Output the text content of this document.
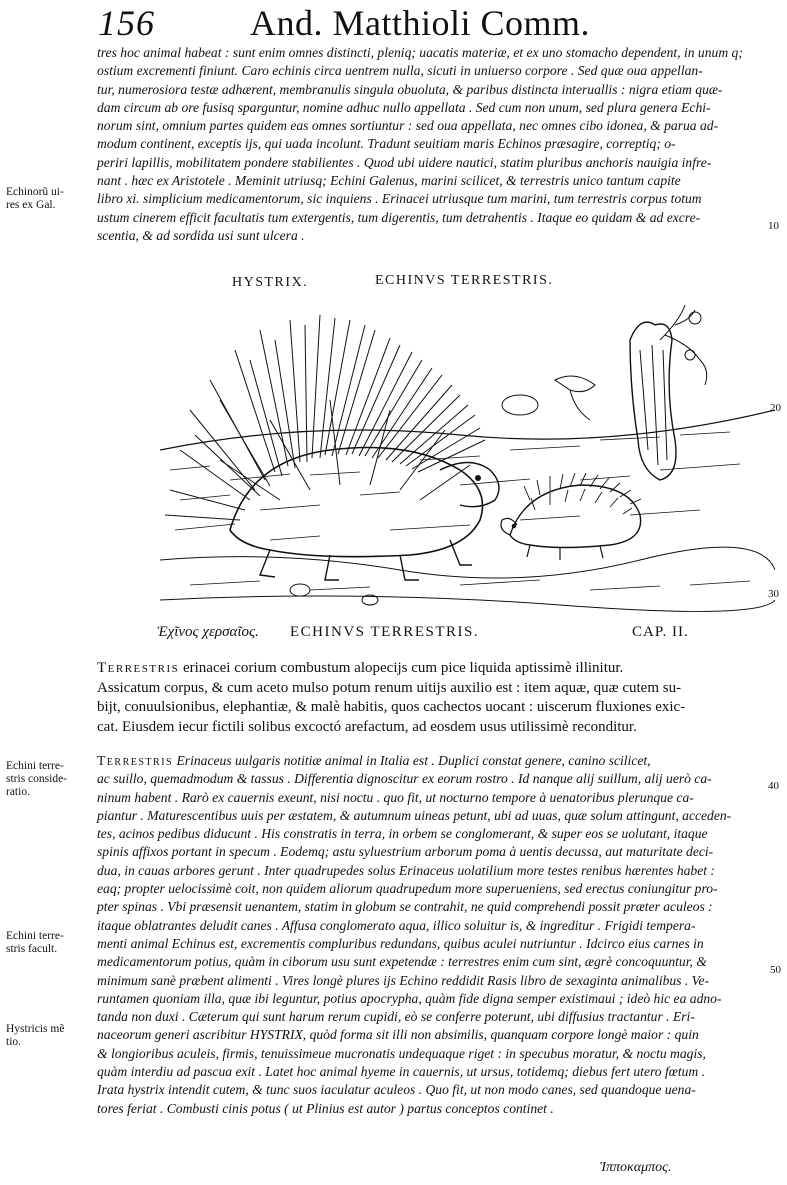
156	And. Matthioli Comm.

tres hoc animal habeat : sunt enim omnes distincti, pleniq; uacatis materiæ, et ex uno stomacho dependent, in unum q;

ostium excrementi finiunt. Caro echinis circa uentrem nulla, sicuti in uniuerso corpore . Sed quæ oua appellan-

tur, numerosiora testæ adhærent, membranulis singula obuoluta, & paribus distincta interuallis : nigra etiam quæ-

dam circum ab ore fusisq sparguntur, nomine adhuc nullo appellata . Sed cum non unum, sed plura genera Echi-

norum sint, omnium partes quidem eas omnes sortiuntur : sed oua appellata, nec omnes cibo idonea, & parua ad-

modum continent, exceptis ijs, qui uada incolunt. Tradunt seuitiam maris Echinos præsagire, correptiq; o-

periri lapillis, mobilitatem pondere stabilientes . Quod ubi uidere nautici, statim pluribus anchoris nauigia infre-

nant . hæc ex Aristotele . Meminit utriusq; Echini Galenus, marini scilicet, & terrestris unico tantum capite

libro xi. simplicium medicamentorum, sic inquiens . Erinacei utriusque tum marini, tum terrestris corpus totum

ustum cinerem efficit facultatis tum extergentis, tum digerentis, tum detrahentis . Itaque eo quidam & ad excre-

scentia, & ad sordida usi sunt ulcera .

Echinorũ ui-
res ex Gal.
Echini terre-
stris conside-
ratio.
Echini terre-
stris facult.
Hystricis mẽ
tio.
10
20
30
40
50
HYSTRIX.	ECHINVS TERRESTRIS.
Ἐχῖνος χερσαῖος. ECHINVS TERRESTRIS.	CAP. II.

Terrestris erinacei corium combustum alopecijs cum pice liquida aptissimè illinitur.

Assicatum corpus, & cum aceto mulso potum renum uitijs auxilio est : item aquæ, quæ cutem su-

bijt, conuulsionibus, elephantiæ, & malè habitis, quos cachectos uocant : uiscerum fluxiones exic-

cat. Eiusdem iecur fictili solibus excoctó arefactum, ad eosdem usus utilissimè reconditur.

Terrestris Erinaceus uulgaris notitiæ animal in Italia est . Duplici constat genere, canino scilicet,

ac suillo, quemadmodum & tassus . Differentia dignoscitur ex eorum rostro . Id nanque alij suillum, alij uerò ca-

ninum habent . Rarò ex cauernis exeunt, nisi noctu . quo fit, ut nocturno tempore à uenatoribus plerunque ca-

piantur . Maturescentibus uuis per æstatem, & autumnum uineas petunt, ubi ad uuas, quæ solum attingunt, acceden-

tes, acinos pedibus diducunt . His constratis in terra, in orbem se conglomerant, & super eos se uolutant, itaque

spinis affixos portant in specum . Eodemq; astu syluestrium arborum poma à uentis decussa, aut maturitate deci-

dua, in cauas arbores gerunt . Inter quadrupedes solus Erinaceus uolatilium more testes renibus hærentes habet :

eaq; propter uelocissimè coit, non quidem aliorum quadrupedum more superueniens, sed erectus coniungitur pro-

pter spinas . Vbi præsensit uenantem, statim in globum se contrahit, ne quid comprehendi possit præter aculeos :

itaque oblatrantes deludit canes . Affusa conglomerato aqua, illico soluitur is, & ingreditur . Frigidi tempera-

menti animal Echinus est, excrementis compluribus redundans, quibus aculei nutriuntur . Idcirco eius carnes in

medicamentorum potius, quàm in ciborum usu sunt expetendæ : terrestres enim cum sint, ægrè concoquuntur, &

minimum sanè præbent alimenti . Vires longè plures ijs Echino reddidit Rasis libro de sexaginta animalibus . Ve-

runtamen quoniam illa, quæ ibi leguntur, potius apocrypha, quàm fide digna semper existimaui ; ideò hic ea adno-

tanda non duxi . Cæterum qui sunt harum rerum cupidi, eò se conferre poterunt, ubi diffusius tractantur . Eri-

naceorum generi ascribitur HYSTRIX, quòd forma sit illi non absimilis, quanquam corpore longè maior : quin

& longioribus aculeis, firmis, tenuissimeue mucronatis undequaque riget : in specubus moratur, & noctu magis,

quàm interdiu ad pascua exit . Latet hoc animal hyeme in cauernis, ut ursus, totidemq; diebus fert utero fœtum .

Irata hystrix intendit cutem, & tunc suos iaculatur aculeos . Quo fit, ut non modo canes, sed quandoque uena-

tores feriat . Combusti cinis potus ( ut Plinius est autor ) partus conceptos continet .

Ἱπποκαμπος.
